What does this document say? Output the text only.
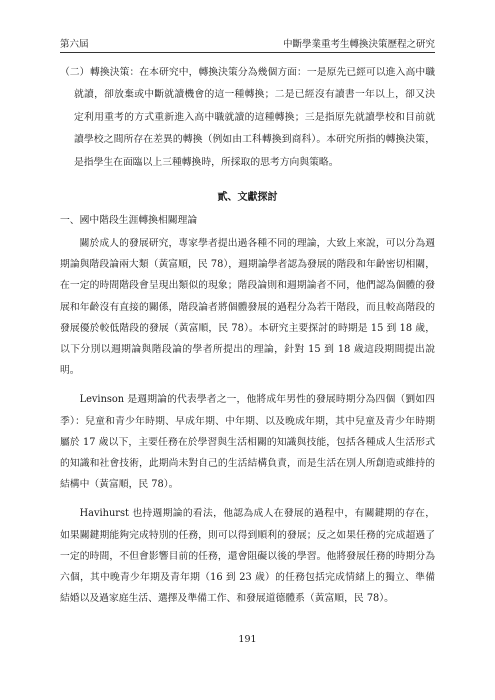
第六屆	中斷學業重考生轉換決策歷程之研究
（二） 轉換決策：在本研究中，轉換決策分為幾個方面：一是原先已經可以進入高中職就讀，卻放棄或中斷就讀機會的這一種轉換；二是已經沒有讀書一年以上，卻又決定利用重考的方式重新進入高中職就讀的這種轉換；三是指原先就讀學校和目前就讀學校之間所存在差異的轉換（例如由工科轉換到商科）。本研究所指的轉換決策，是指學生在面臨以上三種轉換時，所採取的思考方向與策略。
貳、文獻探討
一、國中階段生涯轉換相關理論

關於成人的發展研究，專家學者提出過各種不同的理論，大致上來說，可以分為週期論與階段論兩大類（黃富順，民 78），週期論學者認為發展的階段和年齡密切相關，在一定的時間階段會呈現出類似的現象；階段論則和週期論者不同，他們認為個體的發展和年齡沒有直接的關係，階段論者將個體發展的過程分為若干階段，而且較高階段的發展優於較低階段的發展（黃富順，民 78）。本研究主要探討的時期是 15 到 18 歲，以下分別以週期論與階段論的學者所提出的理論，針對 15 到 18 歲這段期間提出說明。

Levinson 是週期論的代表學者之一，他將成年男性的發展時期分為四個（劉如四季）：兒童和青少年時期、早成年期、中年期、以及晚成年期，其中兒童及青少年時期屬於 17 歲以下，主要任務在於學習與生活相關的知識與技能，包括各種成人生活形式的知識和社會技術，此期尚未對自己的生活結構負責，而是生活在別人所創造或維持的結構中（黃富順，民 78）。

Havihurst 也持週期論的看法，他認為成人在發展的過程中，有關鍵期的存在，如果關鍵期能夠完成特別的任務，則可以得到順利的發展；反之如果任務的完成超過了一定的時間，不但會影響目前的任務，還會阻礙以後的學習。他將發展任務的時期分為六個，其中晚青少年期及青年期（16 到 23 歲）的任務包括完成情緒上的獨立、準備結婚以及過家庭生活、選擇及準備工作、和發展道德體系（黃富順，民 78）。

191
